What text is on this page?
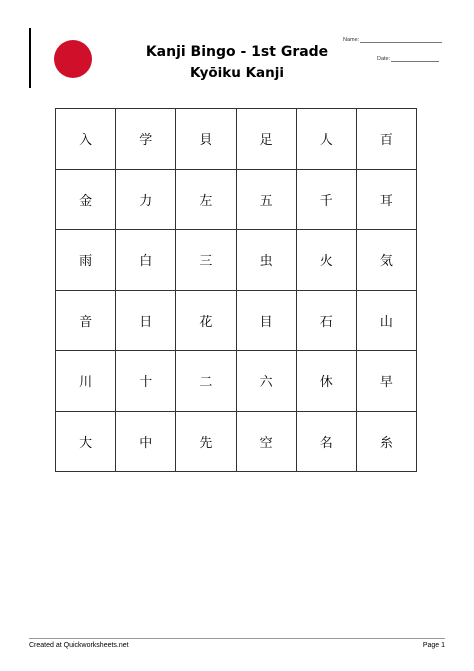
Kanji Bingo - 1st Grade
Kyōiku Kanji
Name:
Date:
入	学	貝	足	人	百
金	力	左	五	千	耳
雨	白	三	虫	火	気
音	日	花	目	石	山
川	十	二	六	休	早
大	中	先	空	名	糸
Created at Quickworksheets.net	Page 1
